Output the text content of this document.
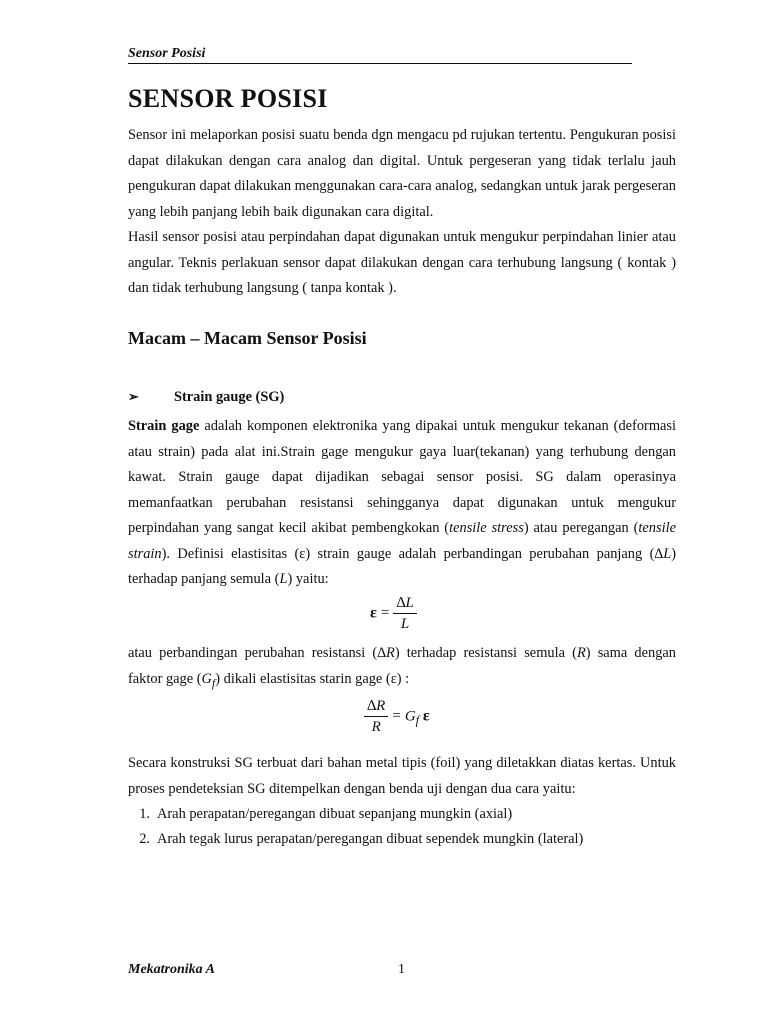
Sensor Posisi
SENSOR POSISI

Sensor ini melaporkan posisi suatu benda dgn mengacu pd rujukan tertentu. Pengukuran posisi dapat dilakukan dengan cara analog dan digital. Untuk pergeseran yang tidak terlalu jauh pengukuran dapat dilakukan menggunakan cara-cara analog, sedangkan untuk jarak pergeseran yang lebih panjang lebih baik digunakan cara digital.

Hasil sensor posisi atau perpindahan dapat digunakan untuk mengukur perpindahan linier atau angular. Teknis perlakuan sensor dapat dilakukan dengan cara terhubung langsung ( kontak ) dan tidak terhubung langsung ( tanpa kontak ).

Macam – Macam Sensor Posisi
➢ Strain gauge (SG)

Strain gage adalah komponen elektronika yang dipakai untuk mengukur tekanan (deformasi atau strain) pada alat ini.Strain gage mengukur gaya luar(tekanan) yang terhubung dengan kawat. Strain gauge dapat dijadikan sebagai sensor posisi. SG dalam operasinya memanfaatkan perubahan resistansi sehingganya dapat digunakan untuk mengukur perpindahan yang sangat kecil akibat pembengkokan (tensile stress) atau peregangan (tensile strain). Definisi elastisitas (ε) strain gauge adalah perbandingan perubahan panjang (∆L) terhadap panjang semula (L) yaitu:

$\varepsilon = \frac{\Delta L}{L}$

atau perbandingan perubahan resistansi (∆R) terhadap resistansi semula (R) sama dengan faktor gage $(G_f)$ dikali elastisitas starin gage (ε) :

$\frac{\Delta R}{R} = G_f$ ε

Secara konstruksi SG terbuat dari bahan metal tipis (foil) yang diletakkan diatas kertas. Untuk proses pendeteksian SG ditempelkan dengan benda uji dengan dua cara yaitu:

1. Arah perapatan/peregangan dibuat sepanjang mungkin (axial)
2. Arah tegak lurus perapatan/peregangan dibuat sependek mungkin (lateral)
Mekatronika A	1
